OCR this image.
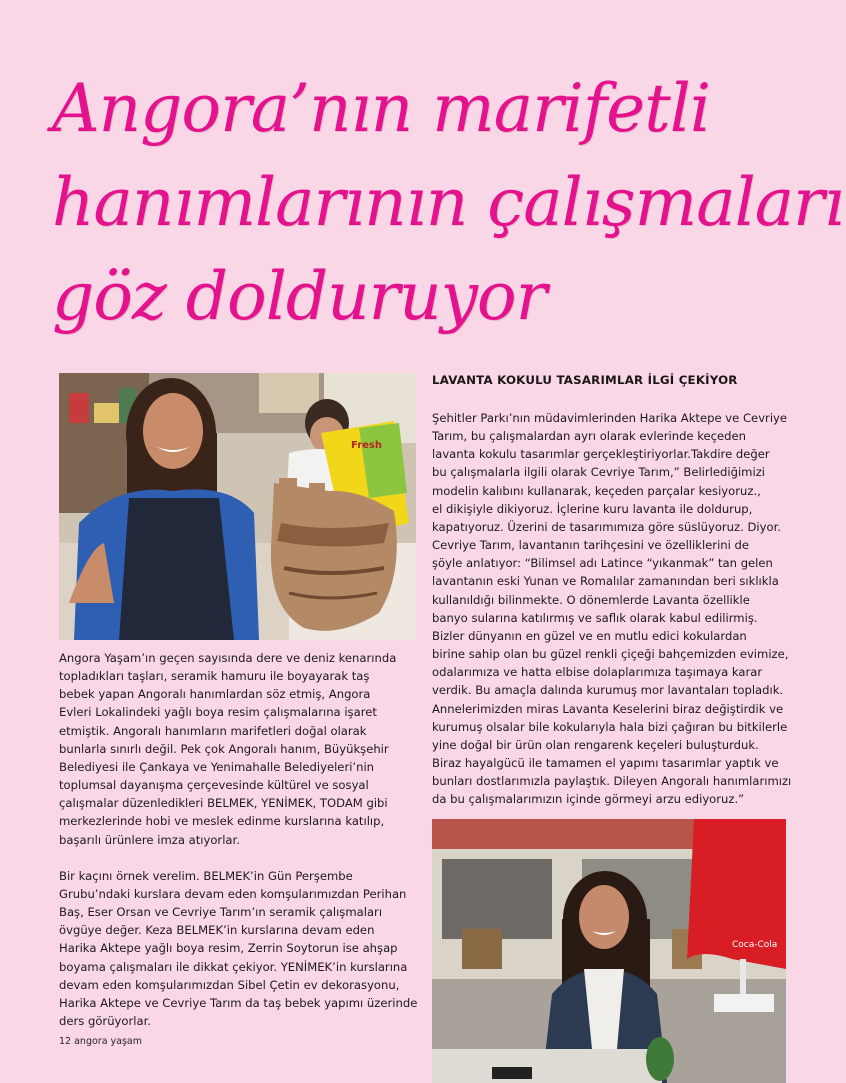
Angora’nın marifetli
hanımlarının çalışmaları
göz dolduruyor
Fresh

Angora Yaşam’ın geçen sayısında dere ve deniz kenarında
topladıkları taşları, seramik hamuru ile boyayarak taş
bebek yapan Angoralı hanımlardan söz etmiş, Angora
Evleri Lokalindeki yağlı boya resim çalışmalarına işaret
etmiştik. Angoralı hanımların marifetleri doğal olarak
bunlarla sınırlı değil. Pek çok Angoralı hanım, Büyükşehir
Belediyesi ile Çankaya ve Yenimahalle Belediyeleri’nin
toplumsal dayanışma çerçevesinde kültürel ve sosyal
çalışmalar düzenledikleri BELMEK, YENİMEK, TODAM gibi
merkezlerinde hobi ve meslek edinme kurslarına katılıp,
başarılı ürünlere imza atıyorlar.

Bir kaçını örnek verelim. BELMEK’in Gün Perşembe
Grubu’ndaki kurslara devam eden komşularımızdan Perihan
Baş, Eser Orsan ve Cevriye Tarım’ın seramik çalışmaları
övgüye değer. Keza BELMEK’in kurslarına devam eden
Harika Aktepe yağlı boya resim, Zerrin Soytorun ise ahşap
boyama çalışmaları ile dikkat çekiyor. YENİMEK’in kurslarına
devam eden komşularımızdan Sibel Çetin ev dekorasyonu,
Harika Aktepe ve Cevriye Tarım da taş bebek yapımı üzerinde
ders görüyorlar.

LAVANTA KOKULU TASARIMLAR İLGİ ÇEKİYOR

Şehitler Parkı’nın müdavimlerinden Harika Aktepe ve Cevriye
Tarım, bu çalışmalardan ayrı olarak evlerinde keçeden
lavanta kokulu tasarımlar gerçekleştiriyorlar.Takdire değer
bu çalışmalarla ilgili olarak Cevriye Tarım,” Belirlediğimizi
modelin kalıbını kullanarak, keçeden parçalar kesiyoruz.,
el dikişiyle dikiyoruz. İçlerine kuru lavanta ile doldurup,
kapatıyoruz. Üzerini de tasarımımıza göre süslüyoruz. Diyor.
Cevriye Tarım, lavantanın tarihçesini ve özelliklerini de
şöyle anlatıyor: “Bilimsel adı Latince “yıkanmak” tan gelen
lavantanın eski Yunan ve Romalılar zamanından beri sıklıkla
kullanıldığı bilinmekte. O dönemlerde Lavanta özellikle
banyo sularına katılırmış ve saflık olarak kabul edilirmiş.
Bizler dünyanın en güzel ve en mutlu edici kokulardan
birine sahip olan bu güzel renkli çiçeği bahçemizden evimize,
odalarımıza ve hatta elbise dolaplarımıza taşımaya karar
verdik. Bu amaçla dalında kurumuş mor lavantaları topladık.
Annelerimizden miras Lavanta Keselerini biraz değiştirdik ve
kurumuş olsalar bile kokularıyla hala bizi çağıran bu bitkilerle
yine doğal bir ürün olan rengarenk keçeleri buluşturduk.
Biraz hayalgücü ile tamamen el yapımı tasarımlar yaptık ve
bunları dostlarımızla paylaştık. Dileyen Angoralı hanımlarımızı
da bu çalışmalarımızın içinde görmeyi arzu ediyoruz.”

Coca-Cola
12 angora yaşam
